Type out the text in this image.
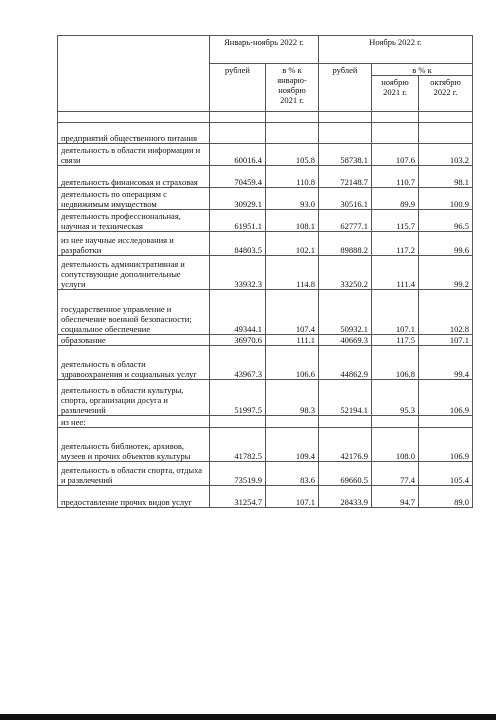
	Январь-ноябрь 2022 г.		Ноябрь 2022 г.		
	рублей	в % к январю-ноябрю 2021 г.	рублей	в % к	
				ноябрю 2021 г.	октябрю 2022 г.

предприятий общественного питания					
деятельность в области информации и связи	60016.4	105.8	58738.1	107.6	103.2
деятельность финансовая и страховая	70459.4	110.8	72148.7	110.7	98.1
деятельность по операциям с недвижимым имуществом	30929.1	93.0	30516.1	89.9	100.9
деятельность профессиональная, научная и техническая	61951.1	108.1	62777.1	115.7	96.5
из нее научные исследования и разработки	84803.5	102.1	89888.2	117.2	99.6
деятельность административная и сопутствующие дополнительные услуги	33932.3	114.8	33250.2	111.4	99.2
государственное управление и обеспечение военной безопасности; социальное обеспечение	49344.1	107.4	50932.1	107.1	102.8
образование	36970.6	111.1	40669.3	117.5	107.1
деятельность в области здравоохранения и социальных услуг	43967.3	106.6	44862.9	106.8	99.4
деятельность в области культуры, спорта, организации досуга и развлечений	51997.5	98.3	52194.1	95.3	106.9
из нее:					
деятельность библиотек, архивов, музеев и прочих объектов культуры	41782.5	109.4	42176.9	108.0	106.9
деятельность в области спорта, отдыха и развлечений	73519.9	83.6	69660.5	77.4	105.4
предоставление прочих видов услуг	31254.7	107.1	28433.9	94.7	89.0
